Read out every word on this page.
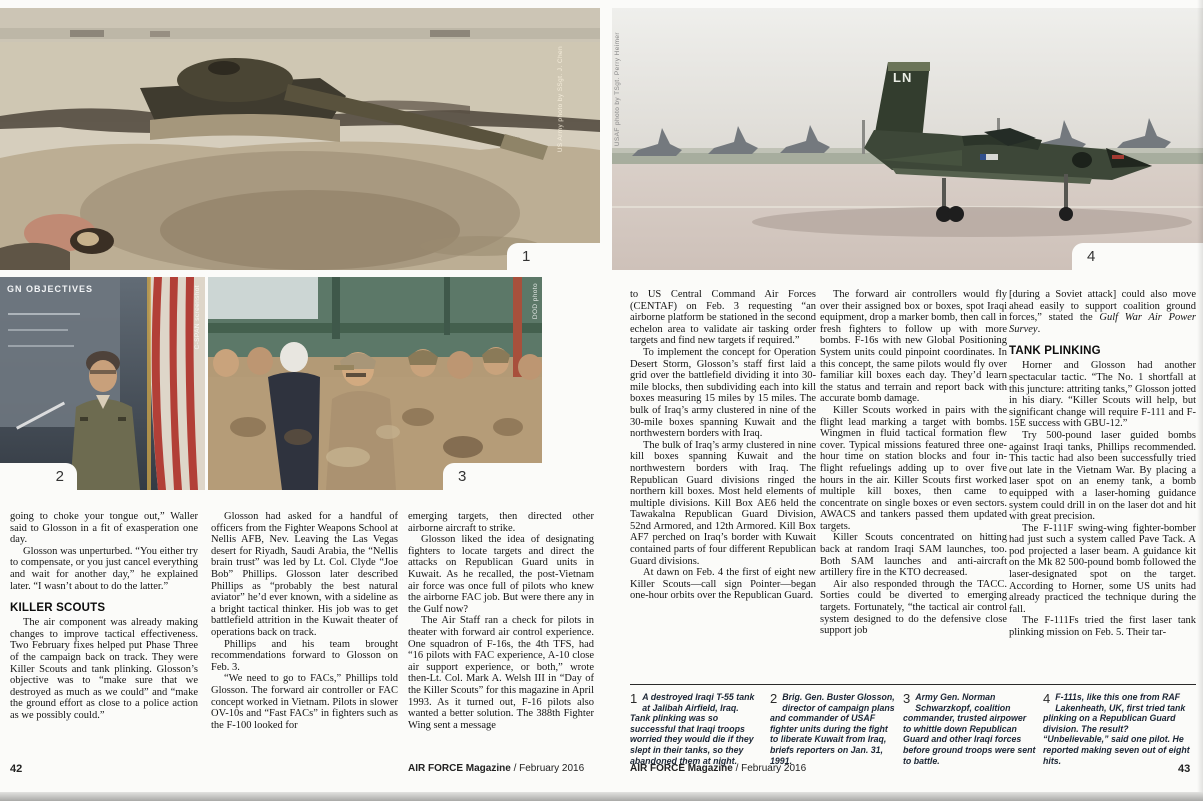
US Army photo by SSgt. J. Chen
1
GN OBJECTIVES	C-SPAN screenshot
2
DOD photo
3
LN
USAF photo by TSgt. Perry Heimer
4

going to choke your tongue out,” Waller said to Glosson in a fit of exasperation one day.

Glosson was unperturbed. “You either try to compensate, or you just cancel everything and wait for another day,” he explained later. “I wasn’t about to do the latter.”

KILLER SCOUTS

The air component was already making changes to improve tactical effectiveness. Two February fixes helped put Phase Three of the campaign back on track. They were Killer Scouts and tank plinking. Glosson’s objective was to “make sure that we destroyed as much as we could” and “make the ground effort as close to a police action as we possibly could.”

Glosson had asked for a handful of officers from the Fighter Weapons School at Nellis AFB, Nev. Leaving the Las Vegas desert for Riyadh, Saudi Arabia, the “Nellis brain trust” was led by Lt. Col. Clyde “Joe Bob” Phillips. Glosson later described Phillips as “probably the best natural aviator” he’d ever known, with a sideline as a bright tactical thinker. His job was to get battlefield attrition in the Kuwait theater of operations back on track.

Phillips and his team brought recommendations forward to Glosson on Feb. 3.

“We need to go to FACs,” Phillips told Glosson. The forward air controller or FAC concept worked in Vietnam. Pilots in slower OV-10s and “Fast FACs” in fighters such as the F-100 looked for

emerging targets, then directed other airborne aircraft to strike.

Glosson liked the idea of designating fighters to locate targets and direct the attacks on Republican Guard units in Kuwait. As he recalled, the post-Vietnam air force was once full of pilots who knew the airborne FAC job. But were there any in the Gulf now?

The Air Staff ran a check for pilots in theater with forward air control experience. One squadron of F-16s, the 4th TFS, had “16 pilots with FAC experience, A-10 close air support experience, or both,” wrote then-Lt. Col. Mark A. Welsh III in “Day of the Killer Scouts” for this magazine in April 1993. As it turned out, F-16 pilots also wanted a better solution. The 388th Fighter Wing sent a message

42	AIR FORCE Magazine / February 2016

to US Central Command Air Forces (CENTAF) on Feb. 3 requesting “an airborne platform be stationed in the second echelon area to validate air tasking order targets and find new targets if required.”

To implement the concept for Operation Desert Storm, Glosson’s staff first laid a grid over the battlefield dividing it into 30-mile blocks, then subdividing each into kill boxes measuring 15 miles by 15 miles. The bulk of Iraq’s army clustered in nine of the 30-mile boxes spanning Kuwait and the northwestern borders with Iraq.

The bulk of Iraq’s army clustered in nine kill boxes spanning Kuwait and the northwestern borders with Iraq. The Republican Guard divisions ringed the northern kill boxes. Most held elements of multiple divisions. Kill Box AE6 held the Tawakalna Republican Guard Division, 52nd Armored, and 12th Armored. Kill Box AF7 perched on Iraq’s border with Kuwait contained parts of four different Republican Guard divisions.

At dawn on Feb. 4 the first of eight new Killer Scouts—call sign Pointer—began one-hour orbits over the Republican Guard.

The forward air controllers would fly over their assigned box or boxes, spot Iraqi equipment, drop a marker bomb, then call in fresh fighters to follow up with more bombs. F-16s with new Global Positioning System units could pinpoint coordinates. In this concept, the same pilots would fly over familiar kill boxes each day. They’d learn the status and terrain and report back with accurate bomb damage.

Killer Scouts worked in pairs with the flight lead marking a target with bombs. Wingmen in fluid tactical formation flew cover. Typical missions featured three one-hour time on station blocks and four in-flight refuelings adding up to over five hours in the air. Killer Scouts first worked multiple kill boxes, then came to concentrate on single boxes or even sectors. AWACS and tankers passed them updated targets.

Killer Scouts concentrated on hitting back at random Iraqi SAM launches, too. Both SAM launches and anti-aircraft artillery fire in the KTO decreased.

Air also responded through the TACC. Sorties could be diverted to emerging targets. Fortunately, “the tactical air control system designed to do the defensive close support job

[during a Soviet attack] could also move ahead easily to support coalition ground forces,” stated the Gulf War Air Power Survey.

TANK PLINKING

Horner and Glosson had another spectacular tactic. “The No. 1 shortfall at this juncture: attriting tanks,” Glosson jotted in his diary. “Killer Scouts will help, but significant change will require F-111 and F-15E success with GBU-12.”

Try 500-pound laser guided bombs against Iraqi tanks, Phillips recommended. This tactic had also been successfully tried out late in the Vietnam War. By placing a laser spot on an enemy tank, a bomb equipped with a laser-homing guidance system could drill in on the laser dot and hit with great precision.

The F-111F swing-wing fighter-bomber had just such a system called Pave Tack. A pod projected a laser beam. A guidance kit on the Mk 82 500-pound bomb followed the laser-designated spot on the target. According to Horner, some US units had already practiced the technique during the fall.

The F-111Fs tried the first laser tank plinking mission on Feb. 5. Their tar-

1 A destroyed Iraqi T-55 tank at Jalibah Airfield, Iraq. Tank plinking was so successful that Iraqi troops worried they would die if they slept in their tanks, so they abandoned them at night.
2 Brig. Gen. Buster Glosson, director of campaign plans and commander of USAF fighter units during the fight to liberate Kuwait from Iraq, briefs reporters on Jan. 31, 1991.
3 Army Gen. Norman Schwarzkopf, coalition commander, trusted airpower to whittle down Republican Guard and other Iraqi forces before ground troops were sent to battle.
4 F-111s, like this one from RAF Lakenheath, UK, first tried tank plinking on a Republican Guard division. The result? “Unbelievable,” said one pilot. He reported making seven out of eight hits.
AIR FORCE Magazine / February 2016	43
